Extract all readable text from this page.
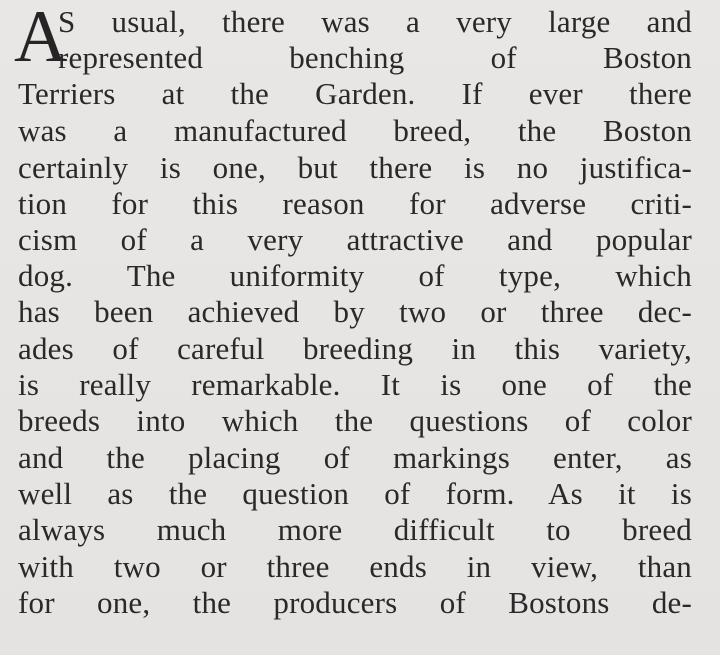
A
S usual, there was a very large and
represented benching of Boston
Terriers at the Garden. If ever there
was a manufactured breed, the Boston
certainly is one, but there is no justifica-
tion for this reason for adverse criti-
cism of a very attractive and popular
dog. The uniformity of type, which
has been achieved by two or three dec-
ades of careful breeding in this variety,
is really remarkable. It is one of the
breeds into which the questions of color
and the placing of markings enter, as
well as the question of form. As it is
always much more difficult to breed
with two or three ends in view, than
for one, the producers of Bostons de-
